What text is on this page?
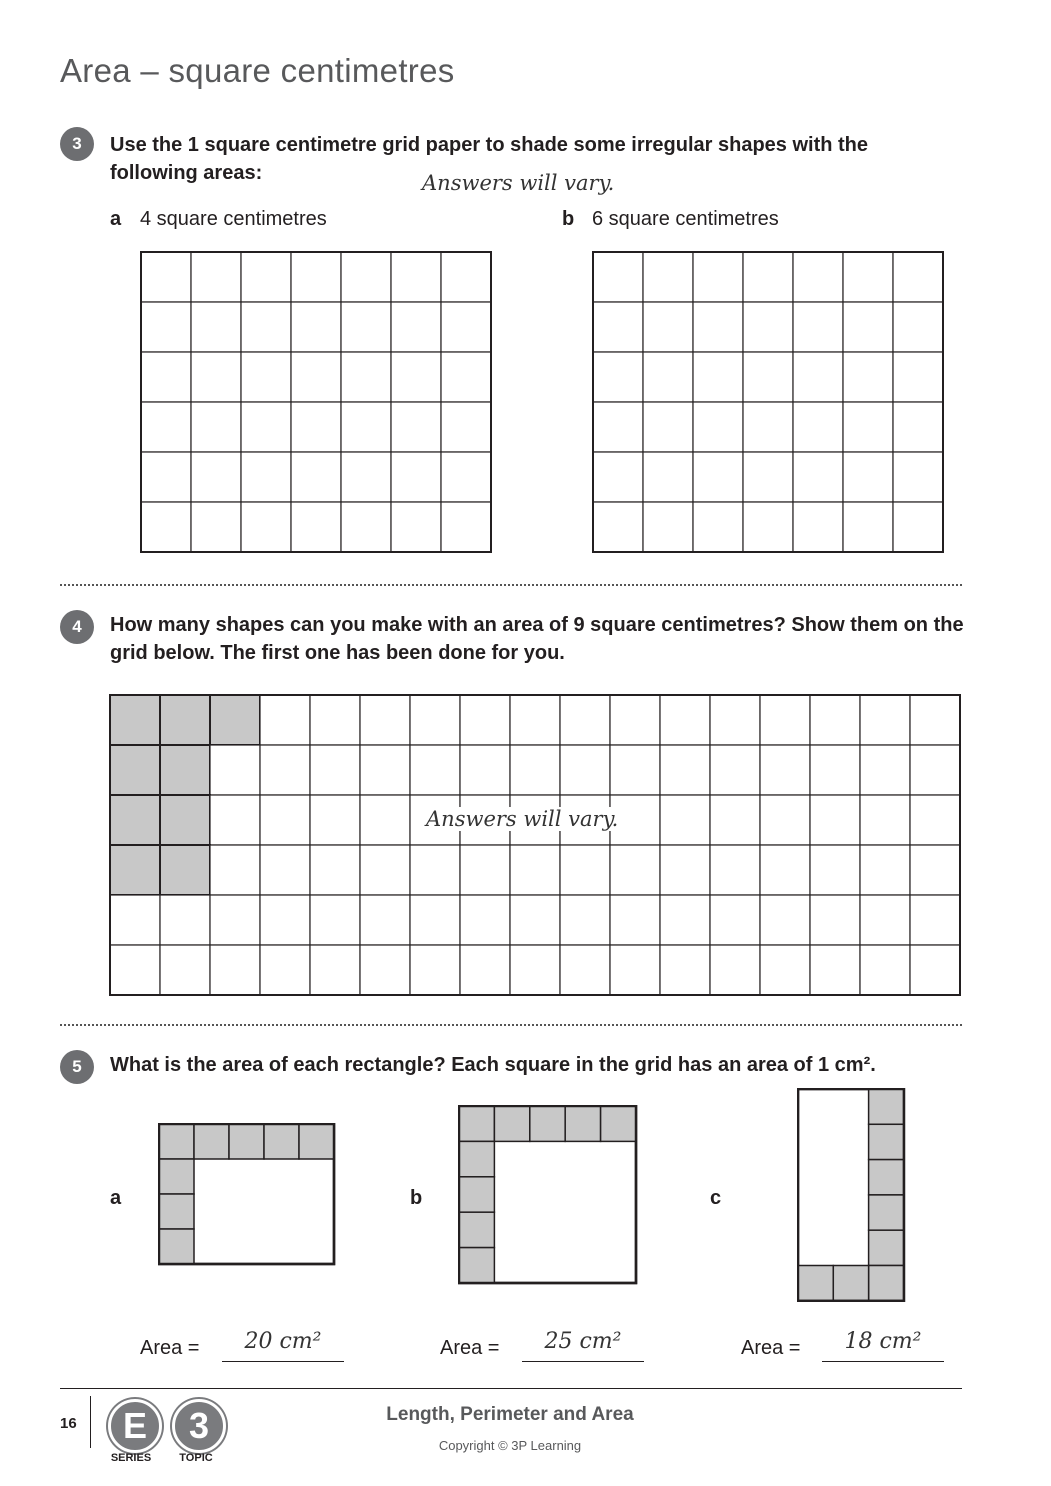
Area – square centimetres
3	Use the 1 square centimetre grid paper to shade some irregular shapes with the following areas:	Answers will vary.
a 4 square centimetres	b 6 square centimetres
4	How many shapes can you make with an area of 9 square centimetres? Show them on the grid below. The first one has been done for you.
Answers will vary.
5	What is the area of each rectangle? Each square in the grid has an area of 1 cm².
a	b	c
Area =	20 cm²	Area =	25 cm²	Area =	18 cm²
16	E	3
SERIES	TOPIC
Length, Perimeter and Area
Copyright © 3P Learning
